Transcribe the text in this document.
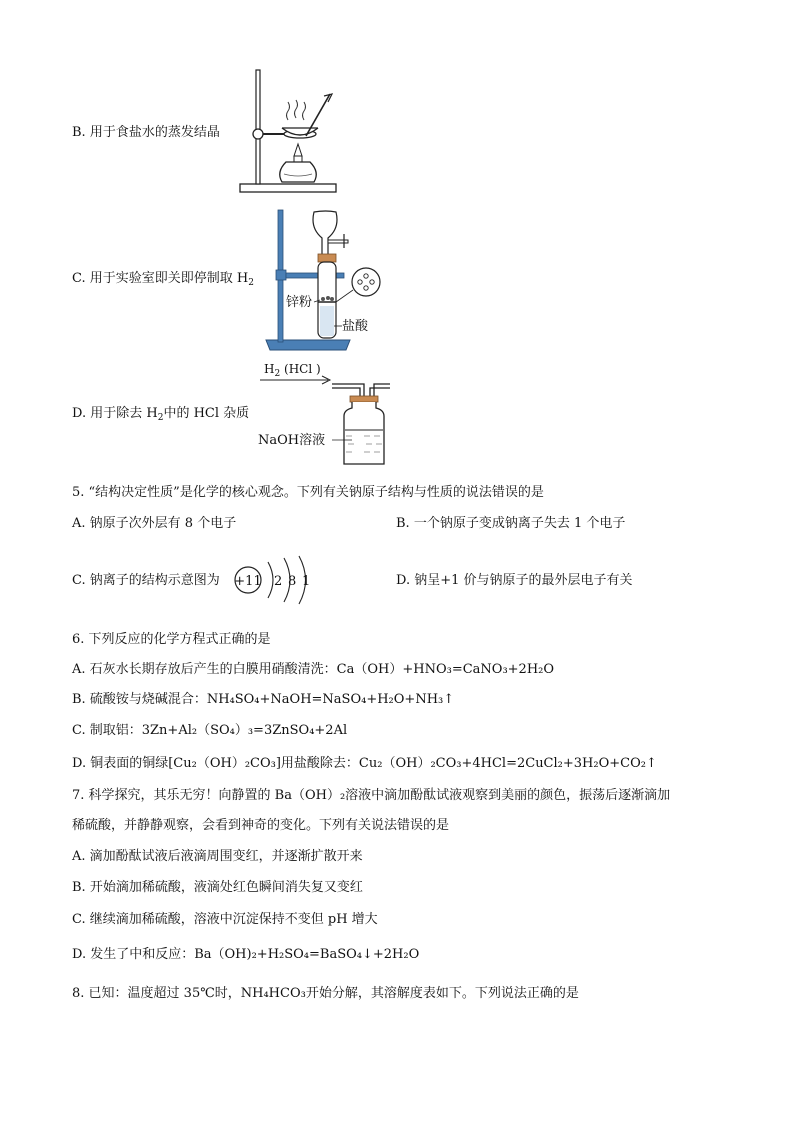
B. 用于食盐水的蒸发结晶
C. 用于实验室即关即停制取 $H_2$
锌粉
盐酸
D. 用于除去 $H_2$中的 HCl 杂质
$H_2$ (HCl )
NaOH溶液
5. “结构决定性质”是化学的核心观念。下列有关钠原子结构与性质的说法错误的是
A. 钠原子次外层有 8 个电子	B. 一个钠原子变成钠离子失去 1 个电子
C. 钠离子的结构示意图为 +11 2 8 1	D. 钠呈+1 价与钠原子的最外层电子有关
6. 下列反应的化学方程式正确的是
A. 石灰水长期存放后产生的白膜用硝酸清洗：Ca（OH）+HNO₃=CaNO₃+2H₂O
B. 硫酸铵与烧碱混合：NH₄SO₄+NaOH=NaSO₄+H₂O+NH₃↑
C. 制取铝：3Zn+Al₂（SO₄）₃=3ZnSO₄+2Al
D. 铜表面的铜绿[Cu₂（OH）₂CO₃]用盐酸除去：Cu₂（OH）₂CO₃+4HCl=2CuCl₂+3H₂O+CO₂↑
7. 科学探究，其乐无穷！向静置的 Ba（OH）₂溶液中滴加酚酞试液观察到美丽的颜色，振荡后逐渐滴加
稀硫酸，并静静观察，会看到神奇的变化。下列有关说法错误的是
A. 滴加酚酞试液后液滴周围变红，并逐渐扩散开来
B. 开始滴加稀硫酸，液滴处红色瞬间消失复又变红
C. 继续滴加稀硫酸，溶液中沉淀保持不变但 pH 增大
D. 发生了中和反应：Ba（OH)₂+H₂SO₄=BaSO₄↓+2H₂O
8. 已知：温度超过 35℃时，NH₄HCO₃开始分解，其溶解度表如下。下列说法正确的是
